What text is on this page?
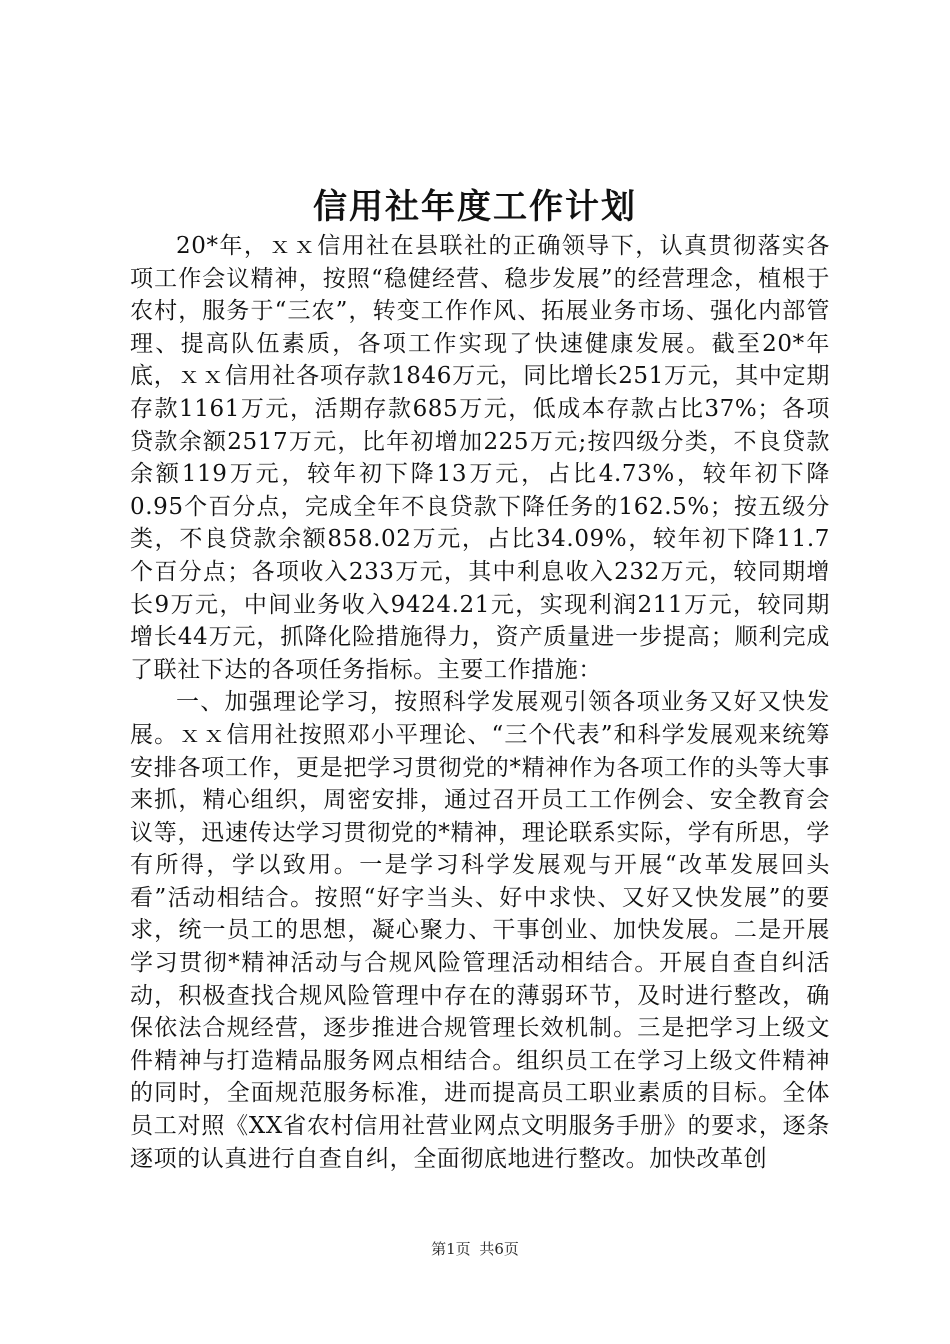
信用社年度工作计划

20*年，ｘｘ信用社在县联社的正确领导下，认真贯彻落实各项工作会议精神，按照“稳健经营、稳步发展”的经营理念，植根于农村，服务于“三农”，转变工作作风、拓展业务市场、强化内部管理、提高队伍素质，各项工作实现了快速健康发展。截至20*年底，ｘｘ信用社各项存款1846万元，同比增长251万元，其中定期存款1161万元，活期存款685万元，低成本存款占比37%；各项贷款余额2517万元，比年初增加225万元;按四级分类，不良贷款余额119万元，较年初下降13万元，占比4.73%，较年初下降0.95个百分点，完成全年不良贷款下降任务的162.5%；按五级分类，不良贷款余额858.02万元，占比34.09%，较年初下降11.7个百分点；各项收入233万元，其中利息收入232万元，较同期增长9万元，中间业务收入9424.21元，实现利润211万元，较同期增长44万元，抓降化险措施得力，资产质量进一步提高；顺利完成了联社下达的各项任务指标。主要工作措施：

一、加强理论学习，按照科学发展观引领各项业务又好又快发展。ｘｘ信用社按照邓小平理论、“三个代表”和科学发展观来统筹安排各项工作，更是把学习贯彻党的*精神作为各项工作的头等大事来抓，精心组织，周密安排，通过召开员工工作例会、安全教育会议等，迅速传达学习贯彻党的*精神，理论联系实际，学有所思，学有所得，学以致用。一是学习科学发展观与开展“改革发展回头看”活动相结合。按照“好字当头、好中求快、又好又快发展”的要求，统一员工的思想，凝心聚力、干事创业、加快发展。二是开展学习贯彻*精神活动与合规风险管理活动相结合。开展自查自纠活动，积极查找合规风险管理中存在的薄弱环节，及时进行整改，确保依法合规经营，逐步推进合规管理长效机制。三是把学习上级文件精神与打造精品服务网点相结合。组织员工在学习上级文件精神的同时，全面规范服务标准，进而提高员工职业素质的目标。全体员工对照《XX省农村信用社营业网点文明服务手册》的要求，逐条逐项的认真进行自查自纠，全面彻底地进行整改。加快改革创

第1页 共6页
